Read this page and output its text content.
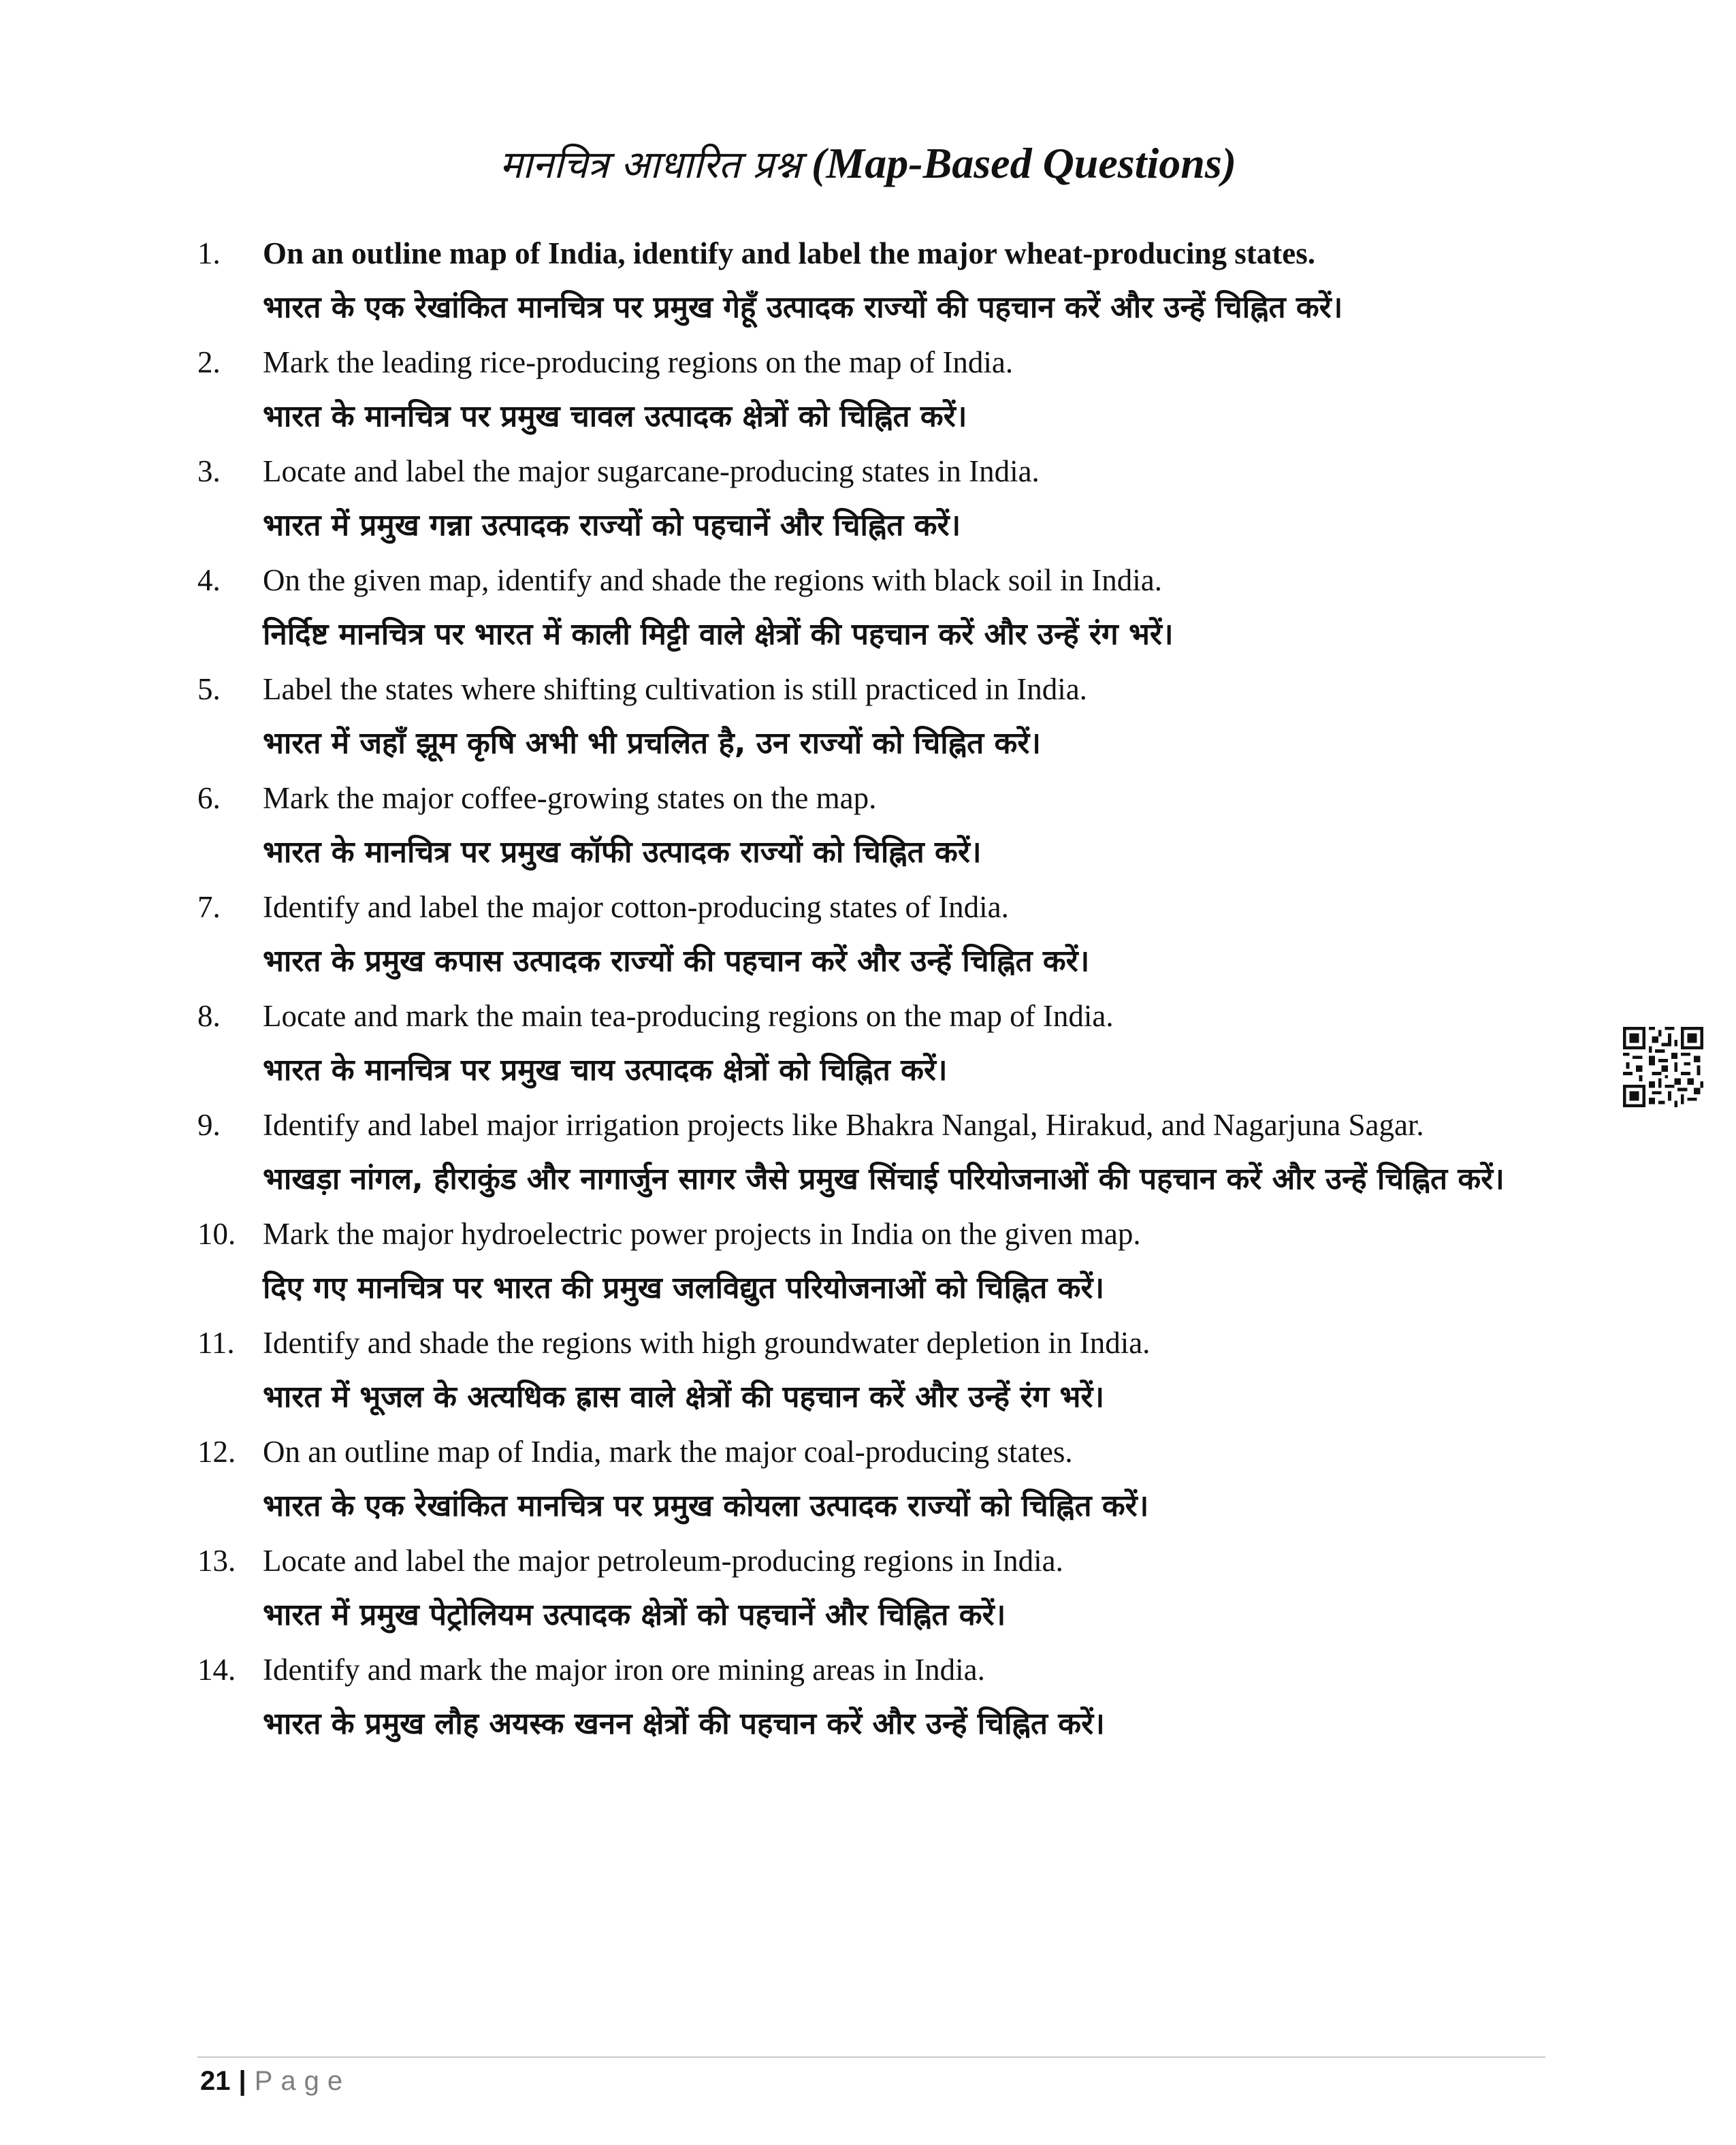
मानचित्र आधारित प्रश्न (Map-Based Questions)
1. On an outline map of India, identify and label the major wheat-producing states.

भारत के एक रेखांकित मानचित्र पर प्रमुख गेहूँ उत्पादक राज्यों की पहचान करें और उन्हें चिह्नित करें।

2. Mark the leading rice-producing regions on the map of India.

भारत के मानचित्र पर प्रमुख चावल उत्पादक क्षेत्रों को चिह्नित करें।

3. Locate and label the major sugarcane-producing states in India.

भारत में प्रमुख गन्ना उत्पादक राज्यों को पहचानें और चिह्नित करें।

4. On the given map, identify and shade the regions with black soil in India.

निर्दिष्ट मानचित्र पर भारत में काली मिट्टी वाले क्षेत्रों की पहचान करें और उन्हें रंग भरें।

5. Label the states where shifting cultivation is still practiced in India.

भारत में जहाँ झूम कृषि अभी भी प्रचलित है, उन राज्यों को चिह्नित करें।

6. Mark the major coffee-growing states on the map.

भारत के मानचित्र पर प्रमुख कॉफी उत्पादक राज्यों को चिह्नित करें।

7. Identify and label the major cotton-producing states of India.

भारत के प्रमुख कपास उत्पादक राज्यों की पहचान करें और उन्हें चिह्नित करें।

8. Locate and mark the main tea-producing regions on the map of India.

भारत के मानचित्र पर प्रमुख चाय उत्पादक क्षेत्रों को चिह्नित करें।

9. Identify and label major irrigation projects like Bhakra Nangal, Hirakud, and Nagarjuna Sagar.

भाखड़ा नांगल, हीराकुंड और नागार्जुन सागर जैसे प्रमुख सिंचाई परियोजनाओं की पहचान करें और उन्हें चिह्नित करें।

10. Mark the major hydroelectric power projects in India on the given map.

दिए गए मानचित्र पर भारत की प्रमुख जलविद्युत परियोजनाओं को चिह्नित करें।

11. Identify and shade the regions with high groundwater depletion in India.

भारत में भूजल के अत्यधिक ह्रास वाले क्षेत्रों की पहचान करें और उन्हें रंग भरें।

12. On an outline map of India, mark the major coal-producing states.

भारत के एक रेखांकित मानचित्र पर प्रमुख कोयला उत्पादक राज्यों को चिह्नित करें।

13. Locate and label the major petroleum-producing regions in India.

भारत में प्रमुख पेट्रोलियम उत्पादक क्षेत्रों को पहचानें और चिह्नित करें।

14. Identify and mark the major iron ore mining areas in India.

भारत के प्रमुख लौह अयस्क खनन क्षेत्रों की पहचान करें और उन्हें चिह्नित करें।

21 | Page
